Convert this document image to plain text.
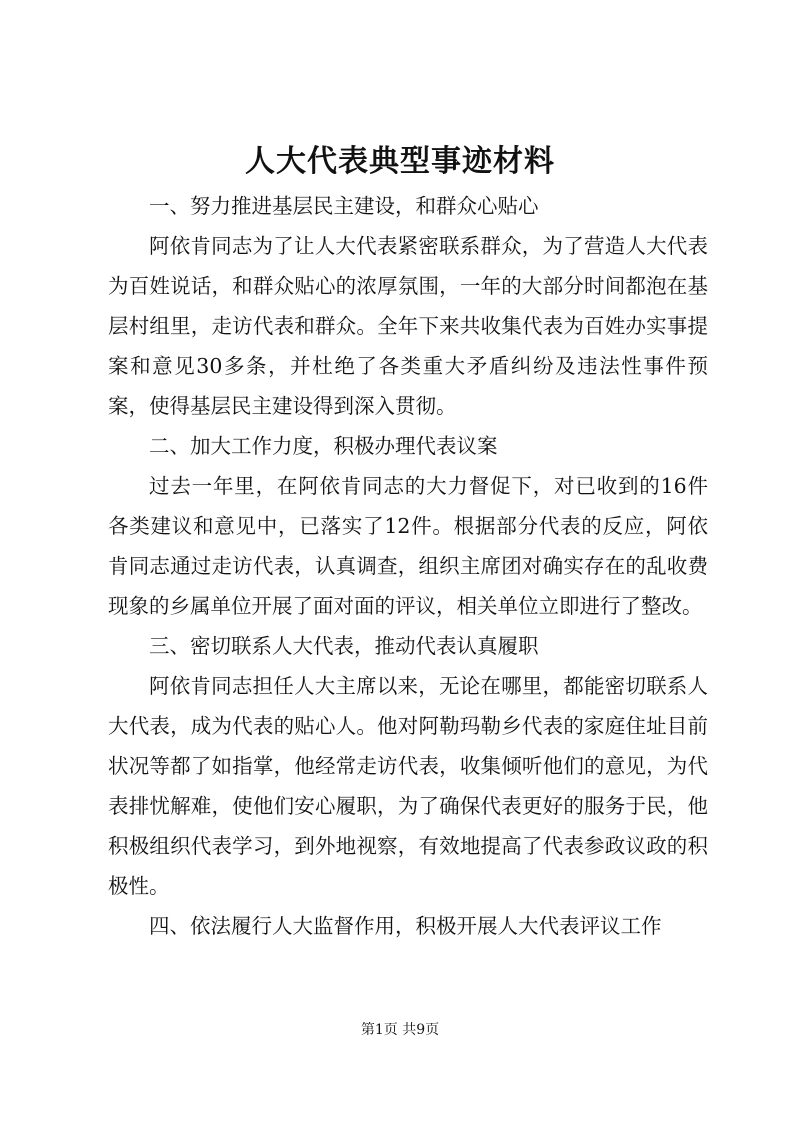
人大代表典型事迹材料

一、努力推进基层民主建设，和群众心贴心

阿依肯同志为了让人大代表紧密联系群众，为了营造人大代表为百姓说话，和群众贴心的浓厚氛围，一年的大部分时间都泡在基层村组里，走访代表和群众。全年下来共收集代表为百姓办实事提案和意见30多条，并杜绝了各类重大矛盾纠纷及违法性事件预案，使得基层民主建设得到深入贯彻。

二、加大工作力度，积极办理代表议案

过去一年里，在阿依肯同志的大力督促下，对已收到的16件各类建议和意见中，已落实了12件。根据部分代表的反应，阿依肯同志通过走访代表，认真调查，组织主席团对确实存在的乱收费现象的乡属单位开展了面对面的评议，相关单位立即进行了整改。

三、密切联系人大代表，推动代表认真履职

阿依肯同志担任人大主席以来，无论在哪里，都能密切联系人大代表，成为代表的贴心人。他对阿勒玛勒乡代表的家庭住址目前状况等都了如指掌，他经常走访代表，收集倾听他们的意见，为代表排忧解难，使他们安心履职，为了确保代表更好的服务于民，他积极组织代表学习，到外地视察，有效地提高了代表参政议政的积极性。

四、依法履行人大监督作用，积极开展人大代表评议工作

第1页 共9页
